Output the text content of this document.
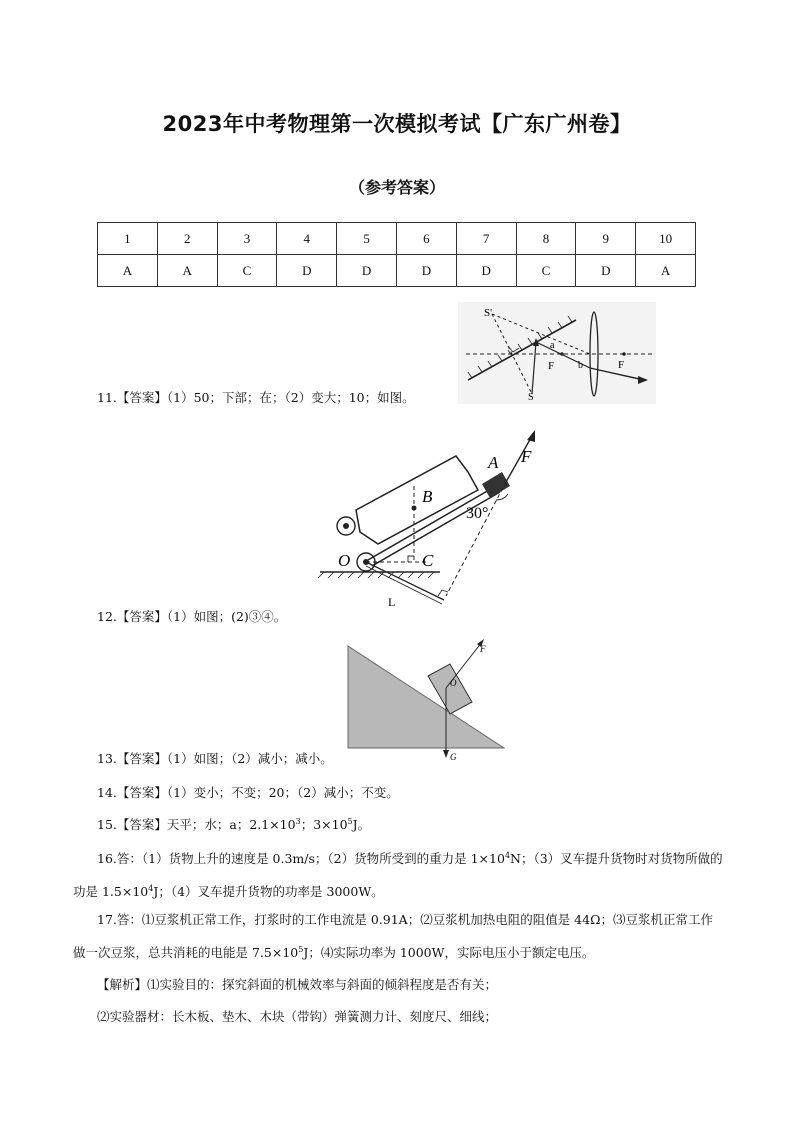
2023年中考物理第一次模拟考试【广东广州卷】
（参考答案）
1	2	3	4	5	6	7	8	9	10
A	A	C	D	D	D	D	C	D	A
S'
S
a
b
F	F
11.【答案】（1）50；下部；在；（2）变大；10；如图。
F
A
B
O	C
30°
L
12.【答案】（1）如图；(2)③④。
F
O
G
13.【答案】（1）如图；（2）减小；减小。
14.【答案】（1）变小；不变；20；（2）减小；不变。
15.【答案】天平；水；a；$2.1\times 10^3$；$3\times 10^5J$。
16.答：（1）货物上升的速度是 0.3m/s；（2）货物所受到的重力是 $1\times 10^4N$；（3）叉车提升货物时对货物所做的功是 $1.5\times 10^4J$；（4）叉车提升货物的功率是 3000W。
17.答：⑴豆浆机正常工作，打浆时的工作电流是 0.91A；⑵豆浆机加热电阻的阻值是 44Ω；⑶豆浆机正常工作做一次豆浆，总共消耗的电能是 $7.5\times 10^5J$；⑷实际功率为 1000W，实际电压小于额定电压。
【解析】⑴实验目的：探究斜面的机械效率与斜面的倾斜程度是否有关；
⑵实验器材：长木板、垫木、木块（带钩）弹簧测力计、刻度尺、细线；
